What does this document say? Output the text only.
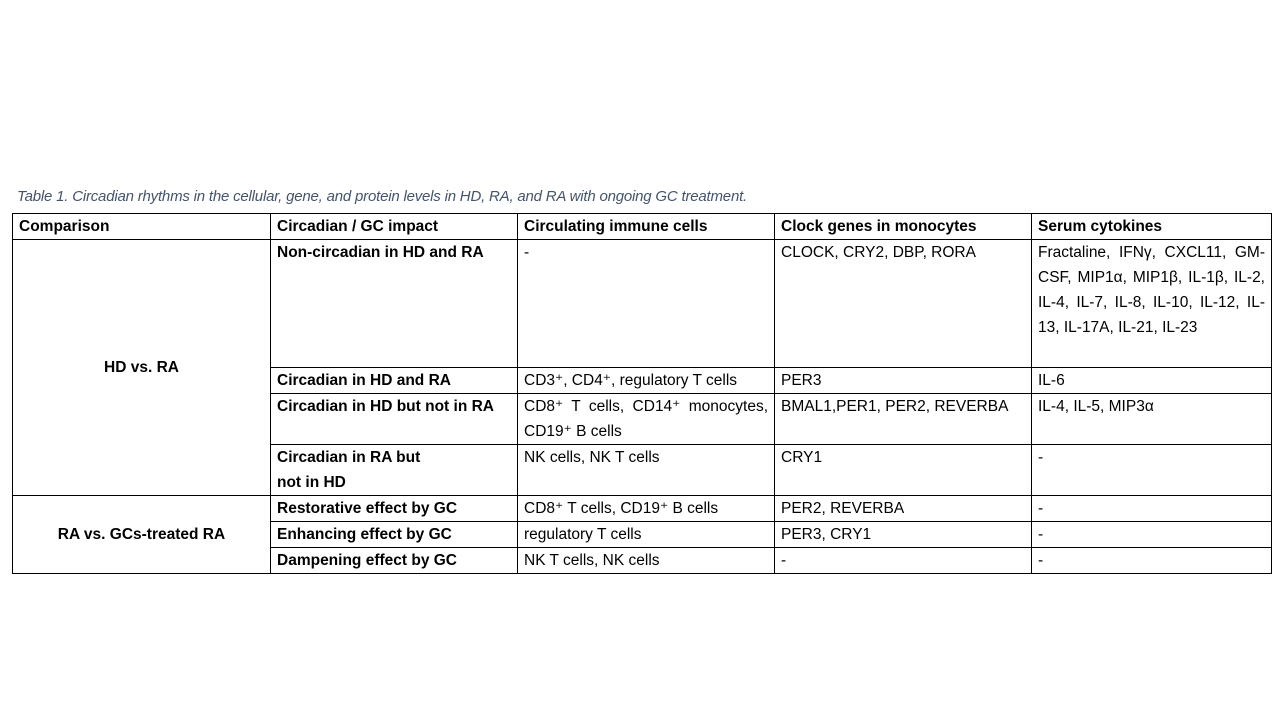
Table 1. Circadian rhythms in the cellular, gene, and protein levels in HD, RA, and RA with ongoing GC treatment.
Comparison	Circadian / GC impact	Circulating immune cells	Clock genes in monocytes	Serum cytokines
HD vs. RA	Non-circadian in HD and RA	-	CLOCK, CRY2, DBP, RORA	Fractaline, IFNγ, CXCL11, GM-CSF, MIP1α, MIP1β, IL-1β, IL-2, IL-4, IL-7, IL-8, IL-10, IL-12, IL-13, IL-17A, IL-21, IL-23
	Circadian in HD and RA	CD3⁺, CD4⁺, regulatory T cells	PER3	IL-6
	Circadian in HD but not in RA	CD8⁺ T cells, CD14⁺ monocytes, CD19⁺ B cells	BMAL1,PER1, PER2, REVERBA	IL-4, IL-5, MIP3α
	Circadian in RA but not in HD	NK cells, NK T cells	CRY1	-
RA vs. GCs-treated RA	Restorative effect by GC	CD8⁺ T cells, CD19⁺ B cells	PER2, REVERBA	-
	Enhancing effect by GC	regulatory T cells	PER3, CRY1	-
	Dampening effect by GC	NK T cells, NK cells	-	-
